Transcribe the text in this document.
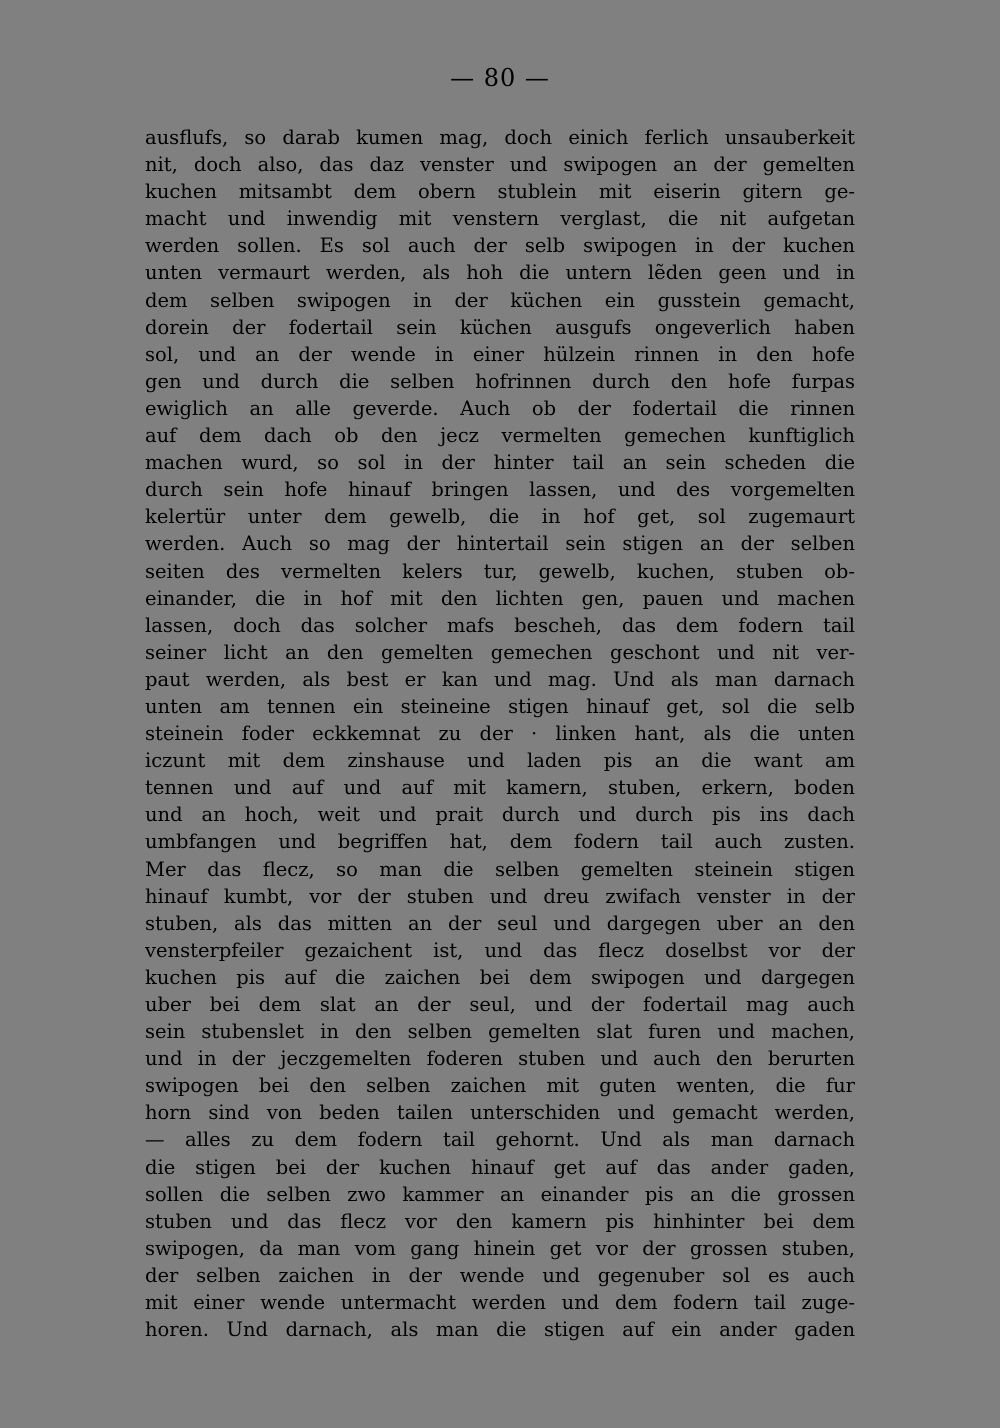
— 80 —
ausflufs, so darab kumen mag, doch einich ferlich unsauberkeit
nit, doch also, das daz venster und swipogen an der gemelten
kuchen mitsambt dem obern stublein mit eiserin gitern ge-
macht und inwendig mit venstern verglast, die nit aufgetan
werden sollen. Es sol auch der selb swipogen in der kuchen
unten vermaurt werden, als hoh die untern lẽden geen und in
dem selben swipogen in der küchen ein gusstein gemacht,
dorein der fodertail sein küchen ausgufs ongeverlich haben
sol, und an der wende in einer hülzein rinnen in den hofe
gen und durch die selben hofrinnen durch den hofe furpas
ewiglich an alle geverde. Auch ob der fodertail die rinnen
auf dem dach ob den jecz vermelten gemechen kunftiglich
machen wurd, so sol in der hinter tail an sein scheden die
durch sein hofe hinauf bringen lassen, und des vorgemelten
kelertür unter dem gewelb, die in hof get, sol zugemaurt
werden. Auch so mag der hintertail sein stigen an der selben
seiten des vermelten kelers tur, gewelb, kuchen, stuben ob-
einander, die in hof mit den lichten gen, pauen und machen
lassen, doch das solcher mafs bescheh, das dem fodern tail
seiner licht an den gemelten gemechen geschont und nit ver-
paut werden, als best er kan und mag. Und als man darnach
unten am tennen ein steineine stigen hinauf get, sol die selb
steinein foder eckkemnat zu der · linken hant, als die unten
iczunt mit dem zinshause und laden pis an die want am
tennen und auf und auf mit kamern, stuben, erkern, boden
und an hoch, weit und prait durch und durch pis ins dach
umbfangen und begriffen hat, dem fodern tail auch zusten.
Mer das flecz, so man die selben gemelten steinein stigen
hinauf kumbt, vor der stuben und dreu zwifach venster in der
stuben, als das mitten an der seul und dargegen uber an den
vensterpfeiler gezaichent ist, und das flecz doselbst vor der
kuchen pis auf die zaichen bei dem swipogen und dargegen
uber bei dem slat an der seul, und der fodertail mag auch
sein stubenslet in den selben gemelten slat furen und machen,
und in der jeczgemelten foderen stuben und auch den berurten
swipogen bei den selben zaichen mit guten wenten, die fur
horn sind von beden tailen unterschiden und gemacht werden,
— alles zu dem fodern tail gehornt. Und als man darnach
die stigen bei der kuchen hinauf get auf das ander gaden,
sollen die selben zwo kammer an einander pis an die grossen
stuben und das flecz vor den kamern pis hinhinter bei dem
swipogen, da man vom gang hinein get vor der grossen stuben,
der selben zaichen in der wende und gegenuber sol es auch
mit einer wende untermacht werden und dem fodern tail zuge-
horen. Und darnach, als man die stigen auf ein ander gaden
